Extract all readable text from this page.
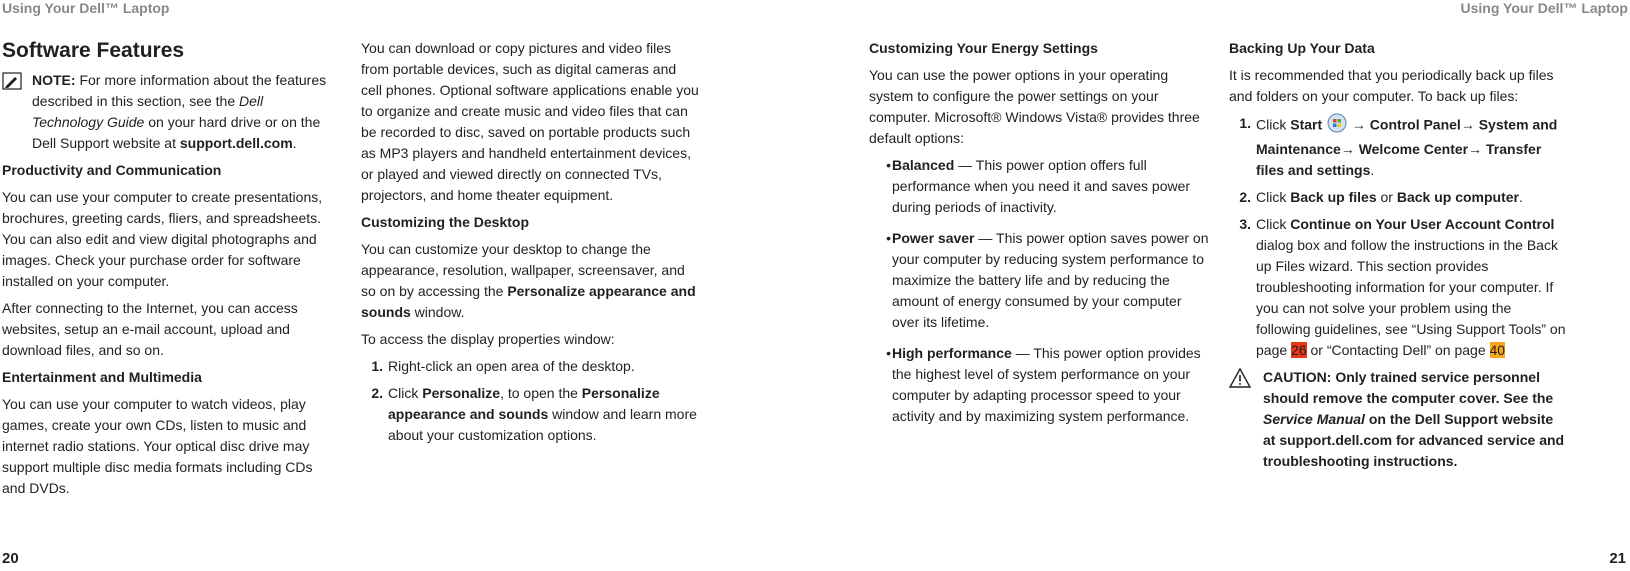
Using Your Dell™ Laptop	Using Your Dell™ Laptop
Software Features
NOTE: For more information about the features described in this section, see the Dell Technology Guide on your hard drive or on the Dell Support website at support.dell.com.
Productivity and Communication

You can use your computer to create presentations, brochures, greeting cards, fliers, and spreadsheets. You can also edit and view digital photographs and images. Check your purchase order for software installed on your computer.

After connecting to the Internet, you can access websites, setup an e-mail account, upload and download files, and so on.

Entertainment and Multimedia

You can use your computer to watch videos, play games, create your own CDs, listen to music and internet radio stations. Your optical disc drive may support multiple disc media formats including CDs and DVDs.

You can download or copy pictures and video files from portable devices, such as digital cameras and cell phones. Optional software applications enable you to organize and create music and video files that can be recorded to disc, saved on portable products such as MP3 players and handheld entertainment devices, or played and viewed directly on connected TVs, projectors, and home theater equipment.

Customizing the Desktop

You can customize your desktop to change the appearance, resolution, wallpaper, screensaver, and so on by accessing the Personalize appearance and sounds window.

To access the display properties window:

1. Right-click an open area of the desktop.
2. Click Personalize, to open the Personalize appearance and sounds window and learn more about your customization options.
Customizing Your Energy Settings

You can use the power options in your operating system to configure the power settings on your computer. Microsoft® Windows Vista® provides three default options:

• Balanced — This power option offers full performance when you need it and saves power during periods of inactivity.
• Power saver — This power option saves power on your computer by reducing system performance to maximize the battery life and by reducing the amount of energy consumed by your computer over its lifetime.
• High performance — This power option provides the highest level of system performance on your computer by adapting processor speed to your activity and by maximizing system performance.
Backing Up Your Data

It is recommended that you periodically back up files and folders on your computer. To back up files:

1. Click Start → Control Panel→ System and Maintenance→ Welcome Center→ Transfer files and settings.
2. Click Back up files or Back up computer.
3. Click Continue on Your User Account Control dialog box and follow the instructions in the Back up Files wizard. This section provides troubleshooting information for your computer. If you can not solve your problem using the following guidelines, see “Using Support Tools” on page 26 or “Contacting Dell” on page 40
CAUTION: Only trained service personnel should remove the computer cover. See the Service Manual on the Dell Support website at support.dell.com for advanced service and troubleshooting instructions.
20	21
